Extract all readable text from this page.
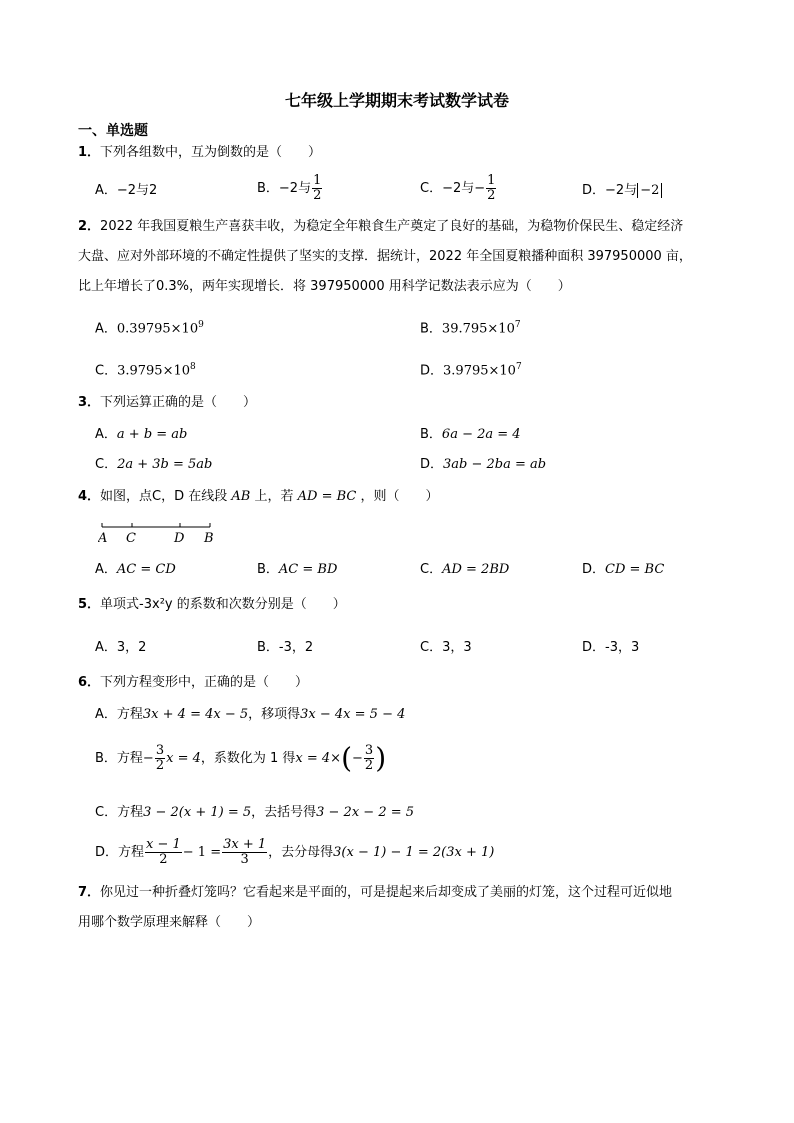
七年级上学期期末考试数学试卷
一、单选题
1．下列各组数中，互为倒数的是（　　）
A．−2与2	B．−2与 $\frac{1}{2}$	C．−2与− $\frac{1}{2}$	D．−2与 −2
2．2022 年我国夏粮生产喜获丰收，为稳定全年粮食生产奠定了良好的基础，为稳物价保民生、稳定经济
大盘、应对外部环境的不确定性提供了坚实的支撑．据统计，2022 年全国夏粮播种面积 397950000 亩，
比上年增长了0.3%，两年实现增长．将 397950000 用科学记数法表示应为（　　）
A．$0.39795\times 10^9$	B．$39.795\times 10^7$
C．$3.9795\times 10^8$	D．$3.9795\times 10^7$
3．下列运算正确的是（　　）
A．a + b = ab	B．6a − 2a = 4
C．2a + 3b = 5ab	D．3ab − 2ba = ab
4．如图，点C，D 在线段 AB 上，若 AD = BC ，则（　　）
A C	D B
A．AC = CD	B．AC = BD	C．AD = 2BD	D．CD = BC
5．单项式-3x²y 的系数和次数分别是（　　）
A．3，2	B．-3，2	C．3，3	D．-3，3
6．下列方程变形中，正确的是（　　）
A．方程3x + 4 = 4x − 5，移项得3x − 4x = 5 − 4
B．方程− $\frac{3}{2}$ x = 4，系数化为 1 得$x = 4\times(- \frac{3}{2}$ )
C．方程3 − 2(x + 1) = 5，去括号得3 − 2x − 2 = 5
D．方程 $\frac{x - 1}{2} - 1 = \frac{3x + 1}{3}$ ，去分母得3(x − 1) − 1 = 2(3x + 1)
7．你见过一种折叠灯笼吗？它看起来是平面的，可是提起来后却变成了美丽的灯笼，这个过程可近似地
用哪个数学原理来解释（　　）
